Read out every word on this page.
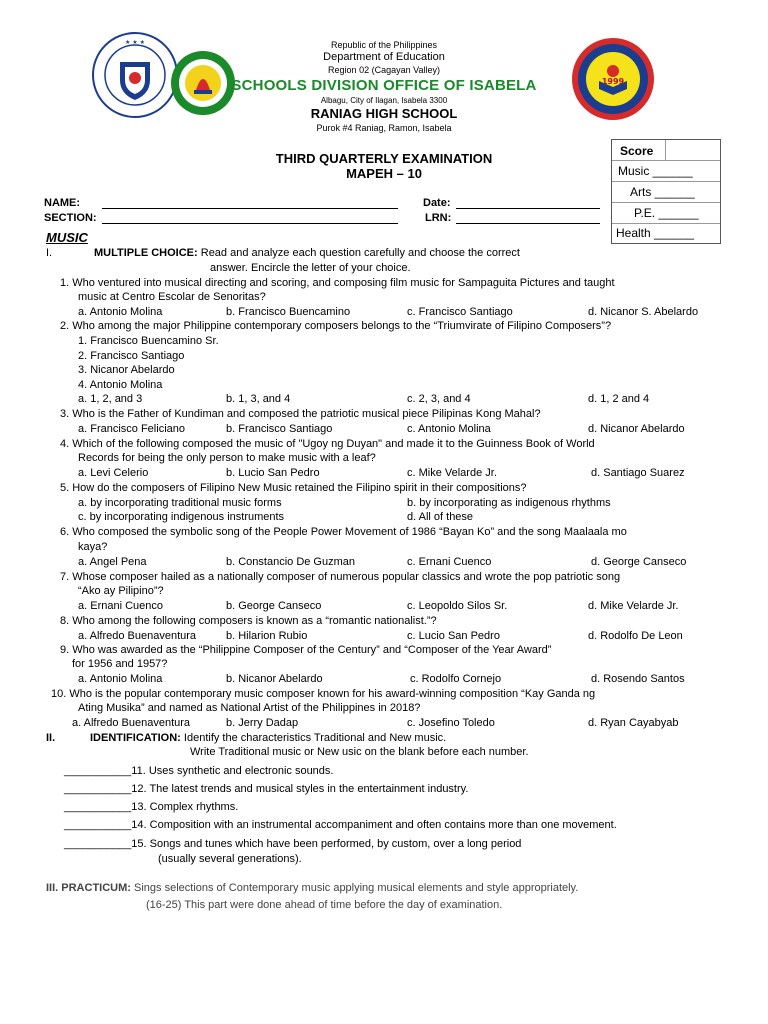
★ ★ ★
1999
Republic of the Philippines
Department of Education
Region 02 (Cagayan Valley)
SCHOOLS DIVISION OFFICE OF ISABELA
Albagu, City of Ilagan, Isabela 3300
RANIAG HIGH SCHOOL
Purok #4 Raniag, Ramon, Isabela
THIRD QUARTERLY EXAMINATION
MAPEH – 10
Score
Music ______
Arts ______
P.E. ______
Health ______
NAME:
SECTION:
Date:
LRN:
MUSIC
I.	MULTIPLE CHOICE: Read and analyze each question carefully and choose the correct
answer. Encircle the letter of your choice.
1. Who ventured into musical directing and scoring, and composing film music for Sampaguita Pictures and taught
music at Centro Escolar de Senoritas?
a. Antonio Molina	b. Francisco Buencamino	c. Francisco Santiago	d. Nicanor S. Abelardo
2. Who among the major Philippine contemporary composers belongs to the “Triumvirate of Filipino Composers”?
1. Francisco Buencamino Sr.
2. Francisco Santiago
3. Nicanor Abelardo
4. Antonio Molina
a. 1, 2, and 3	b. 1, 3, and 4	c. 2, 3, and 4	d. 1, 2 and 4
3. Who is the Father of Kundiman and composed the patriotic musical piece Pilipinas Kong Mahal?
a. Francisco Feliciano	b. Francisco Santiago	c. Antonio Molina	d. Nicanor Abelardo
4. Which of the following composed the music of "Ugoy ng Duyan" and made it to the Guinness Book of World
Records for being the only person to make music with a leaf?
a. Levi Celerio	b. Lucio San Pedro	c. Mike Velarde Jr.	d. Santiago Suarez
5. How do the composers of Filipino New Music retained the Filipino spirit in their compositions?
a. by incorporating traditional music forms	b. by incorporating as indigenous rhythms
c. by incorporating indigenous instruments	d. All of these
6. Who composed the symbolic song of the People Power Movement of 1986 “Bayan Ko” and the song Maalaala mo
kaya?
a. Angel Pena	b. Constancio De Guzman	c. Ernani Cuenco	d. George Canseco
7. Whose composer hailed as a nationally composer of numerous popular classics and wrote the pop patriotic song
“Ako ay Pilipino”?
a. Ernani Cuenco	b. George Canseco	c. Leopoldo Silos Sr.	d. Mike Velarde Jr.
8. Who among the following composers is known as a “romantic nationalist.”?
a. Alfredo Buenaventura	b. Hilarion Rubio	c. Lucio San Pedro	d. Rodolfo De Leon
9. Who was awarded as the “Philippine Composer of the Century” and “Composer of the Year Award”
for 1956 and 1957?
a. Antonio Molina	b. Nicanor Abelardo	c. Rodolfo Cornejo	d. Rosendo Santos
10. Who is the popular contemporary music composer known for his award-winning composition “Kay Ganda ng
Ating Musika” and named as National Artist of the Philippines in 2018?
a. Alfredo Buenaventura	b. Jerry Dadap	c. Josefino Toledo	d. Ryan Cayabyab
II.	IDENTIFICATION: Identify the characteristics Traditional and New music.
Write Traditional music or New usic on the blank before each number.
___________11. Uses synthetic and electronic sounds.
___________12. The latest trends and musical styles in the entertainment industry.
___________13. Complex rhythms.
___________14. Composition with an instrumental accompaniment and often contains more than one movement.
___________15. Songs and tunes which have been performed, by custom, over a long period
(usually several generations).
III. PRACTICUM: Sings selections of Contemporary music applying musical elements and style appropriately.
(16-25) This part were done ahead of time before the day of examination.
